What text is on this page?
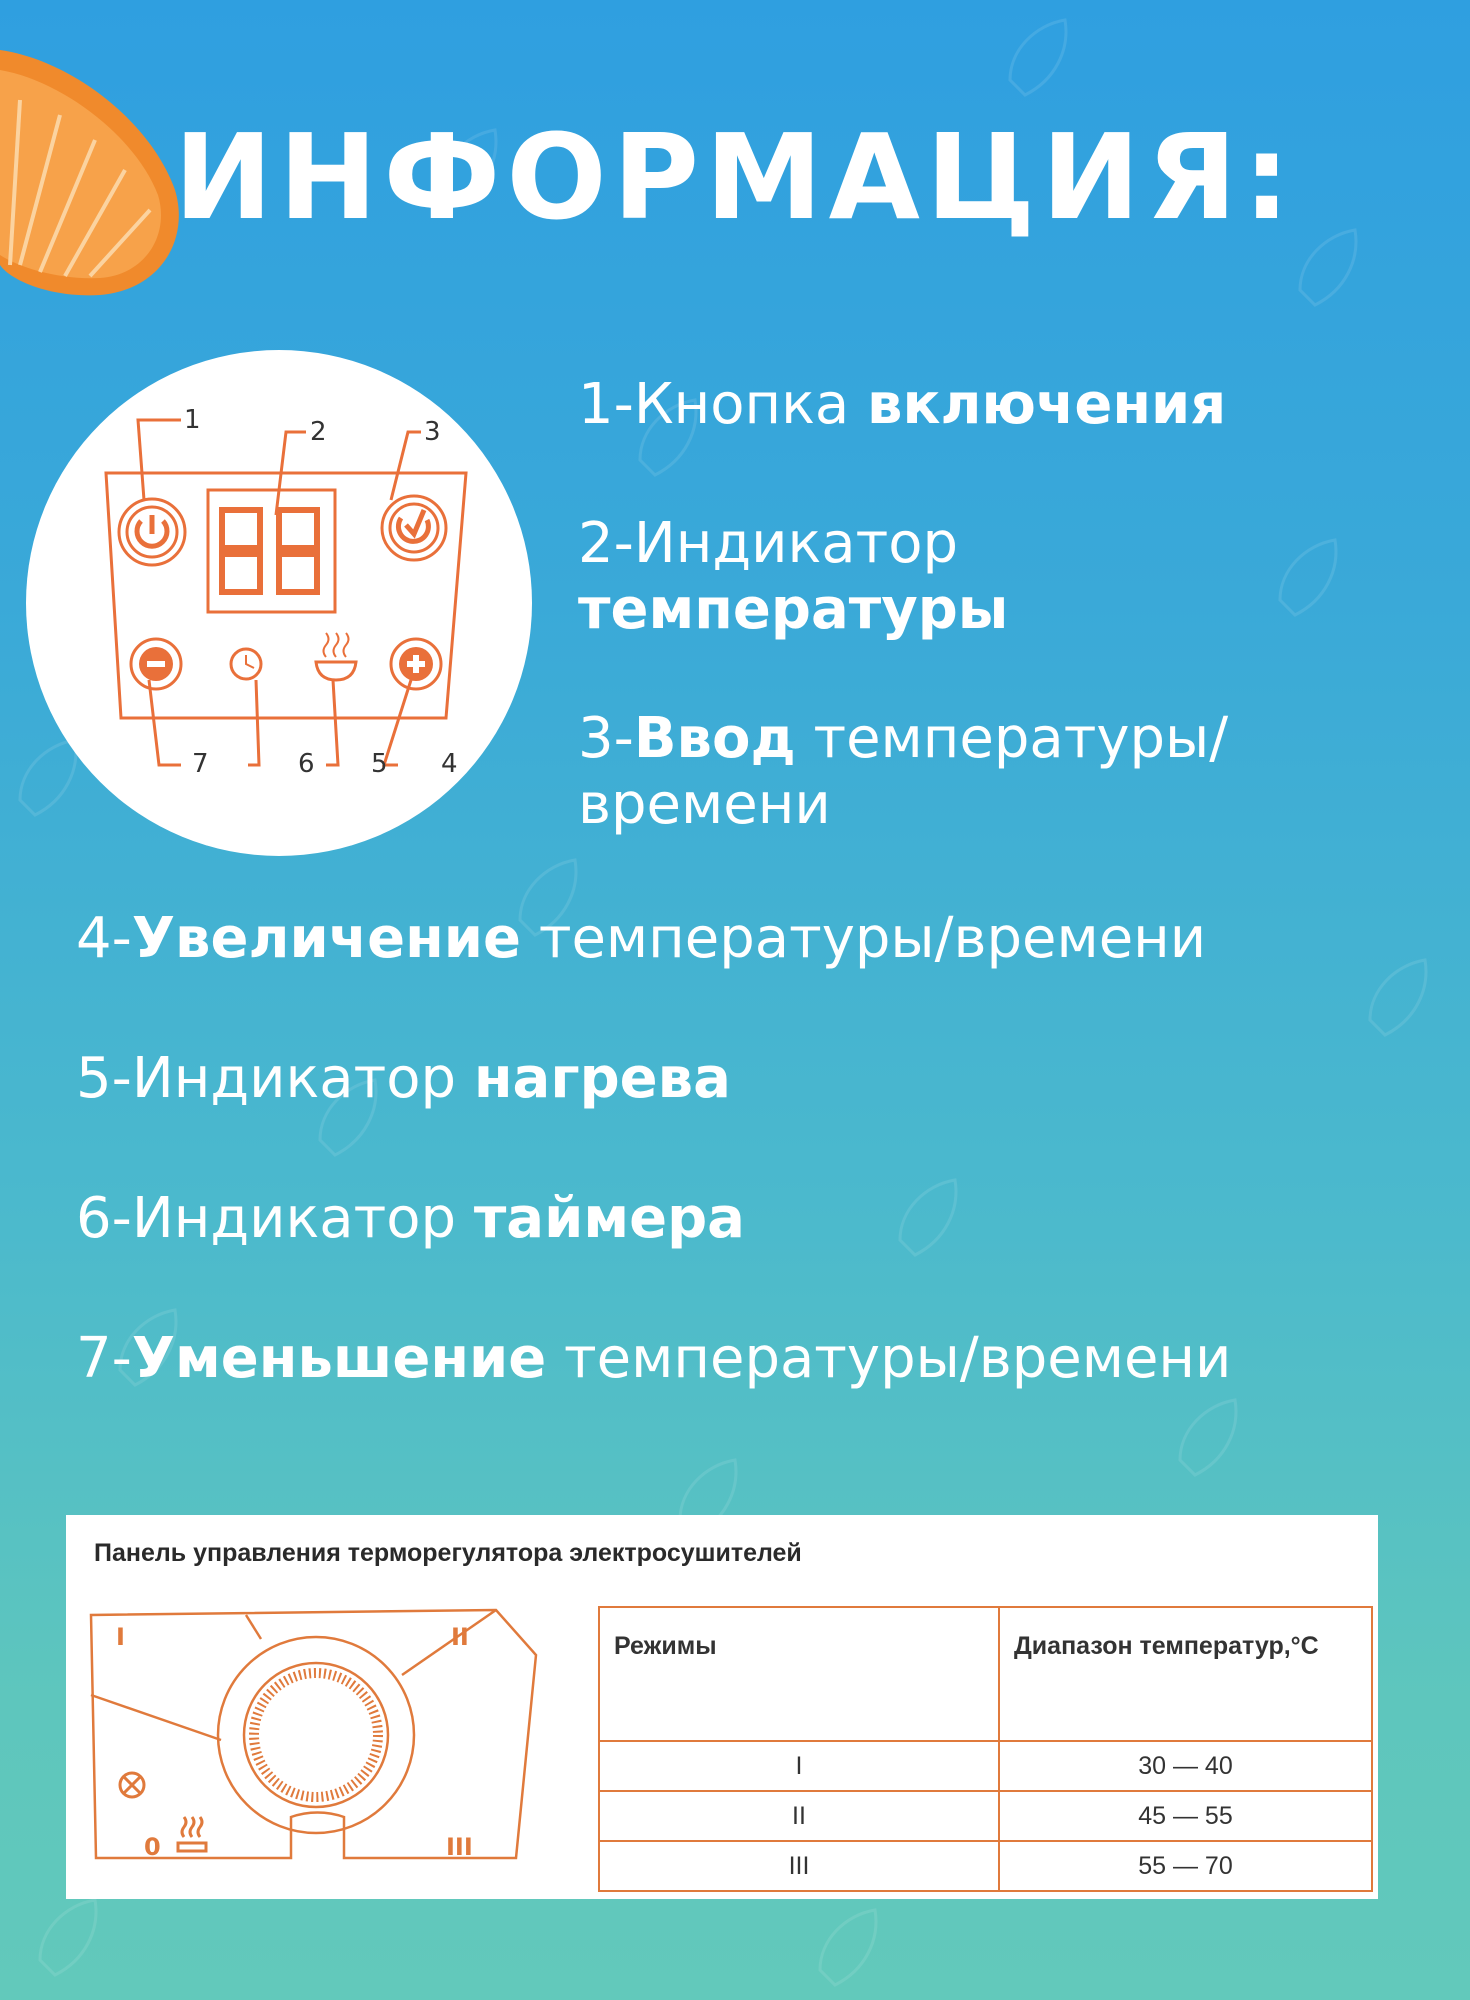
ИНФОРМАЦИЯ:
1	2	3
7	6 5 4
1-Кнопка включения
2-Индикатор
температуры
3-Ввод температуры/
времени
4-Увеличение температуры/времени
5-Индикатор нагрева
6-Индикатор таймера
7-Уменьшение температуры/времени
I	II
III
0
Панель управления терморегулятора электросушителей
Режимы	Диапазон температур,°С
I	30 — 40
II	45 — 55
III	55 — 70
